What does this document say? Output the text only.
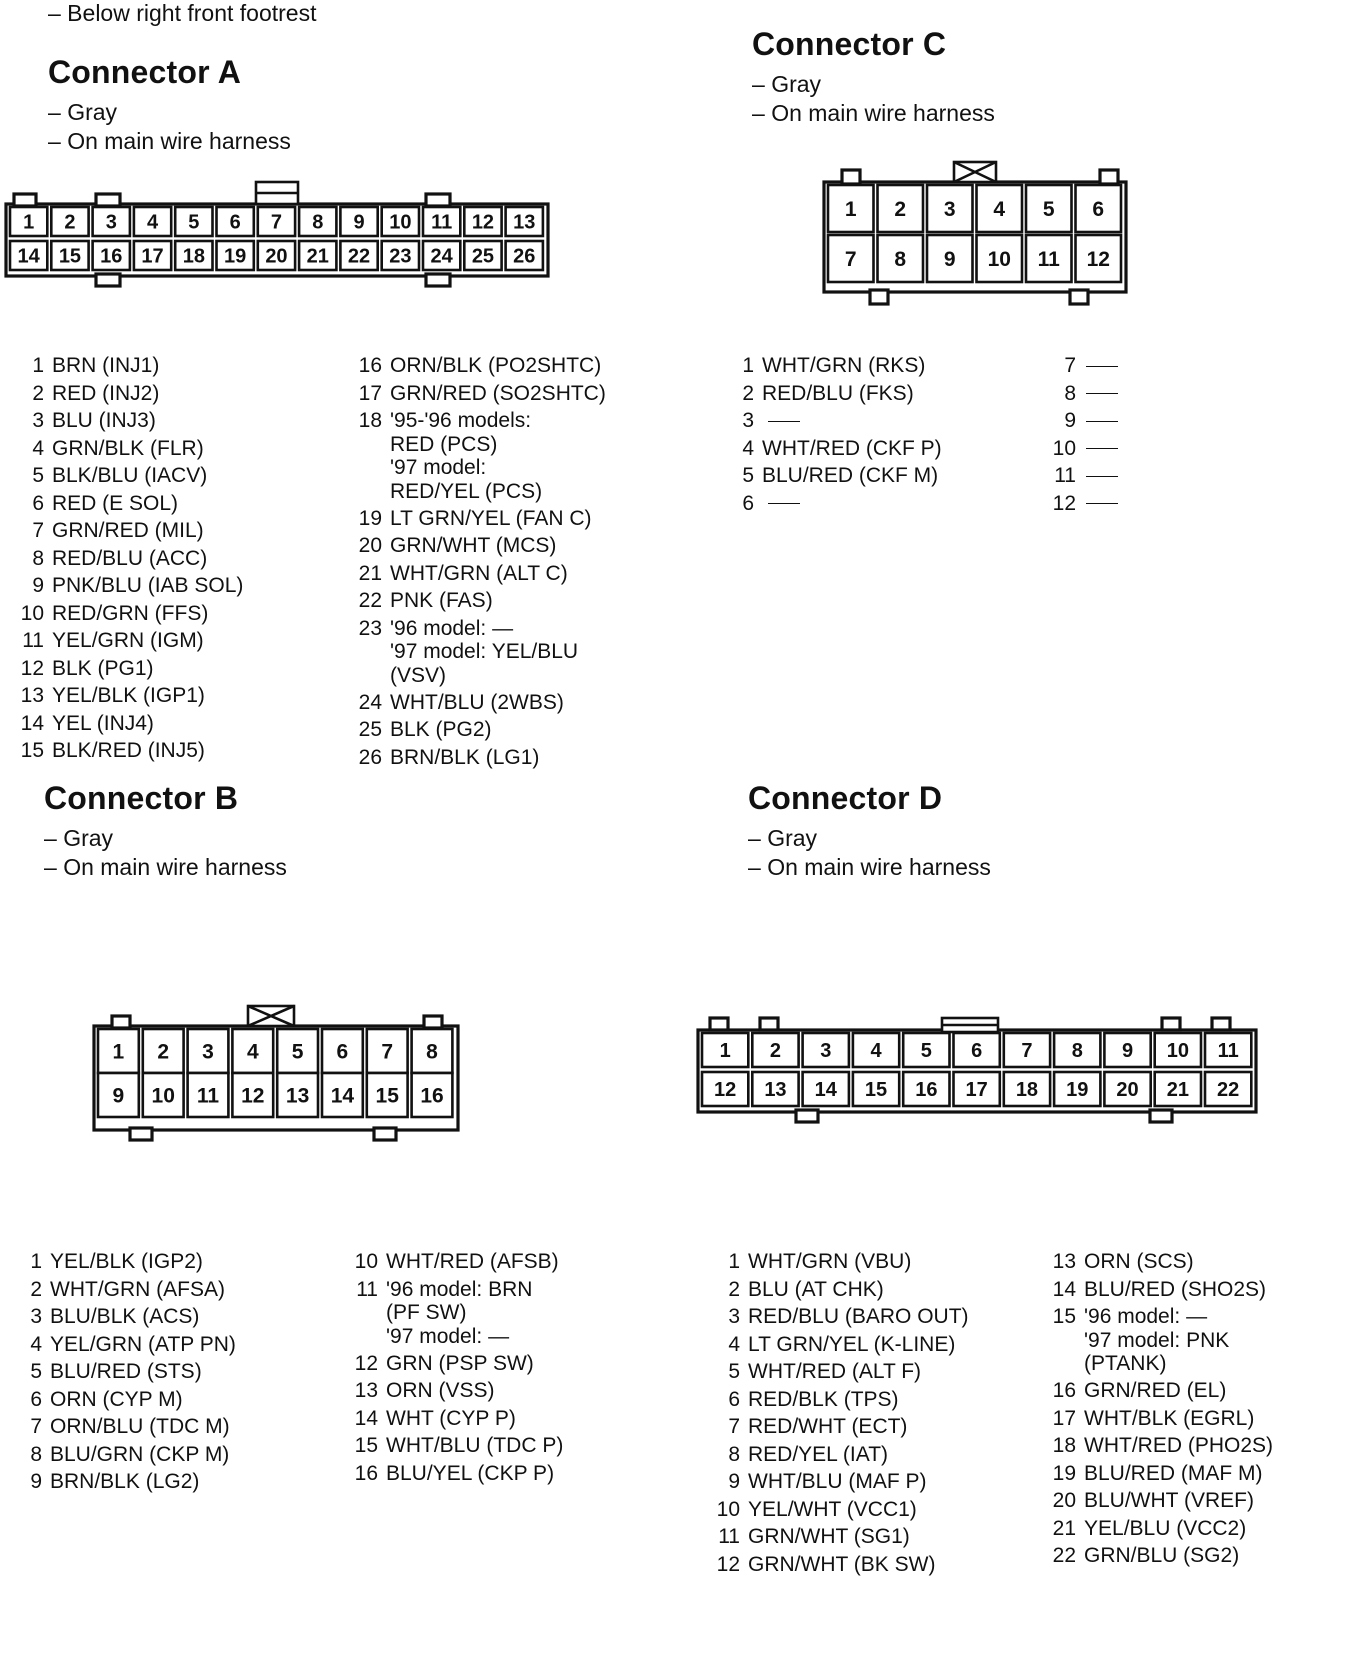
– Below right front footrest
Connector A
– Gray
– On main wire harness
1 2 3 4 5 6 7 8 9 10 11 12 13
14 15 16 17 18 19 20 21 22 23 24 25 26
1 BRN (INJ1)
2 RED (INJ2)
3 BLU (INJ3)
4 GRN/BLK (FLR)
5 BLK/BLU (IACV)
6 RED (E SOL)
7 GRN/RED (MIL)
8 RED/BLU (ACC)
9 PNK/BLU (IAB SOL)
10 RED/GRN (FFS)
11 YEL/GRN (IGM)
12 BLK (PG1)
13 YEL/BLK (IGP1)
14 YEL (INJ4)
15 BLK/RED (INJ5)
16 ORN/BLK (PO2SHTC)
17 GRN/RED (SO2SHTC)
18 '95-'96 models:
RED (PCS)
'97 model:
RED/YEL (PCS)
19 LT GRN/YEL (FAN C)
20 GRN/WHT (MCS)
21 WHT/GRN (ALT C)
22 PNK (FAS)
23 '96 model: —
'97 model: YEL/BLU
(VSV)
24 WHT/BLU (2WBS)
25 BLK (PG2)
26 BRN/BLK (LG1)
Connector C
– Gray
– On main wire harness
1 2 3 4 5 6
7 8 9 10 11 12
1 WHT/GRN (RKS)
2 RED/BLU (FKS)
3
4 WHT/RED (CKF P)
5 BLU/RED (CKF M)
6
7
8
9
10
11
12
Connector B
– Gray
– On main wire harness
1 2 3 4 5 6 7 8
9 10 11 12 13 14 15 16
1 YEL/BLK (IGP2)
2 WHT/GRN (AFSA)
3 BLU/BLK (ACS)
4 YEL/GRN (ATP PN)
5 BLU/RED (STS)
6 ORN (CYP M)
7 ORN/BLU (TDC M)
8 BLU/GRN (CKP M)
9 BRN/BLK (LG2)
10 WHT/RED (AFSB)
11 '96 model: BRN
(PF SW)
'97 model: —
12 GRN (PSP SW)
13 ORN (VSS)
14 WHT (CYP P)
15 WHT/BLU (TDC P)
16 BLU/YEL (CKP P)
Connector D
– Gray
– On main wire harness
1 2 3 4 5 6 7 8 9 10 11
12 13 14 15 16 17 18 19 20 21 22
1 WHT/GRN (VBU)
2 BLU (AT CHK)
3 RED/BLU (BARO OUT)
4 LT GRN/YEL (K-LINE)
5 WHT/RED (ALT F)
6 RED/BLK (TPS)
7 RED/WHT (ECT)
8 RED/YEL (IAT)
9 WHT/BLU (MAF P)
10 YEL/WHT (VCC1)
11 GRN/WHT (SG1)
12 GRN/WHT (BK SW)
13 ORN (SCS)
14 BLU/RED (SHO2S)
15 '96 model: —
'97 model: PNK
(PTANK)
16 GRN/RED (EL)
17 WHT/BLK (EGRL)
18 WHT/RED (PHO2S)
19 BLU/RED (MAF M)
20 BLU/WHT (VREF)
21 YEL/BLU (VCC2)
22 GRN/BLU (SG2)
